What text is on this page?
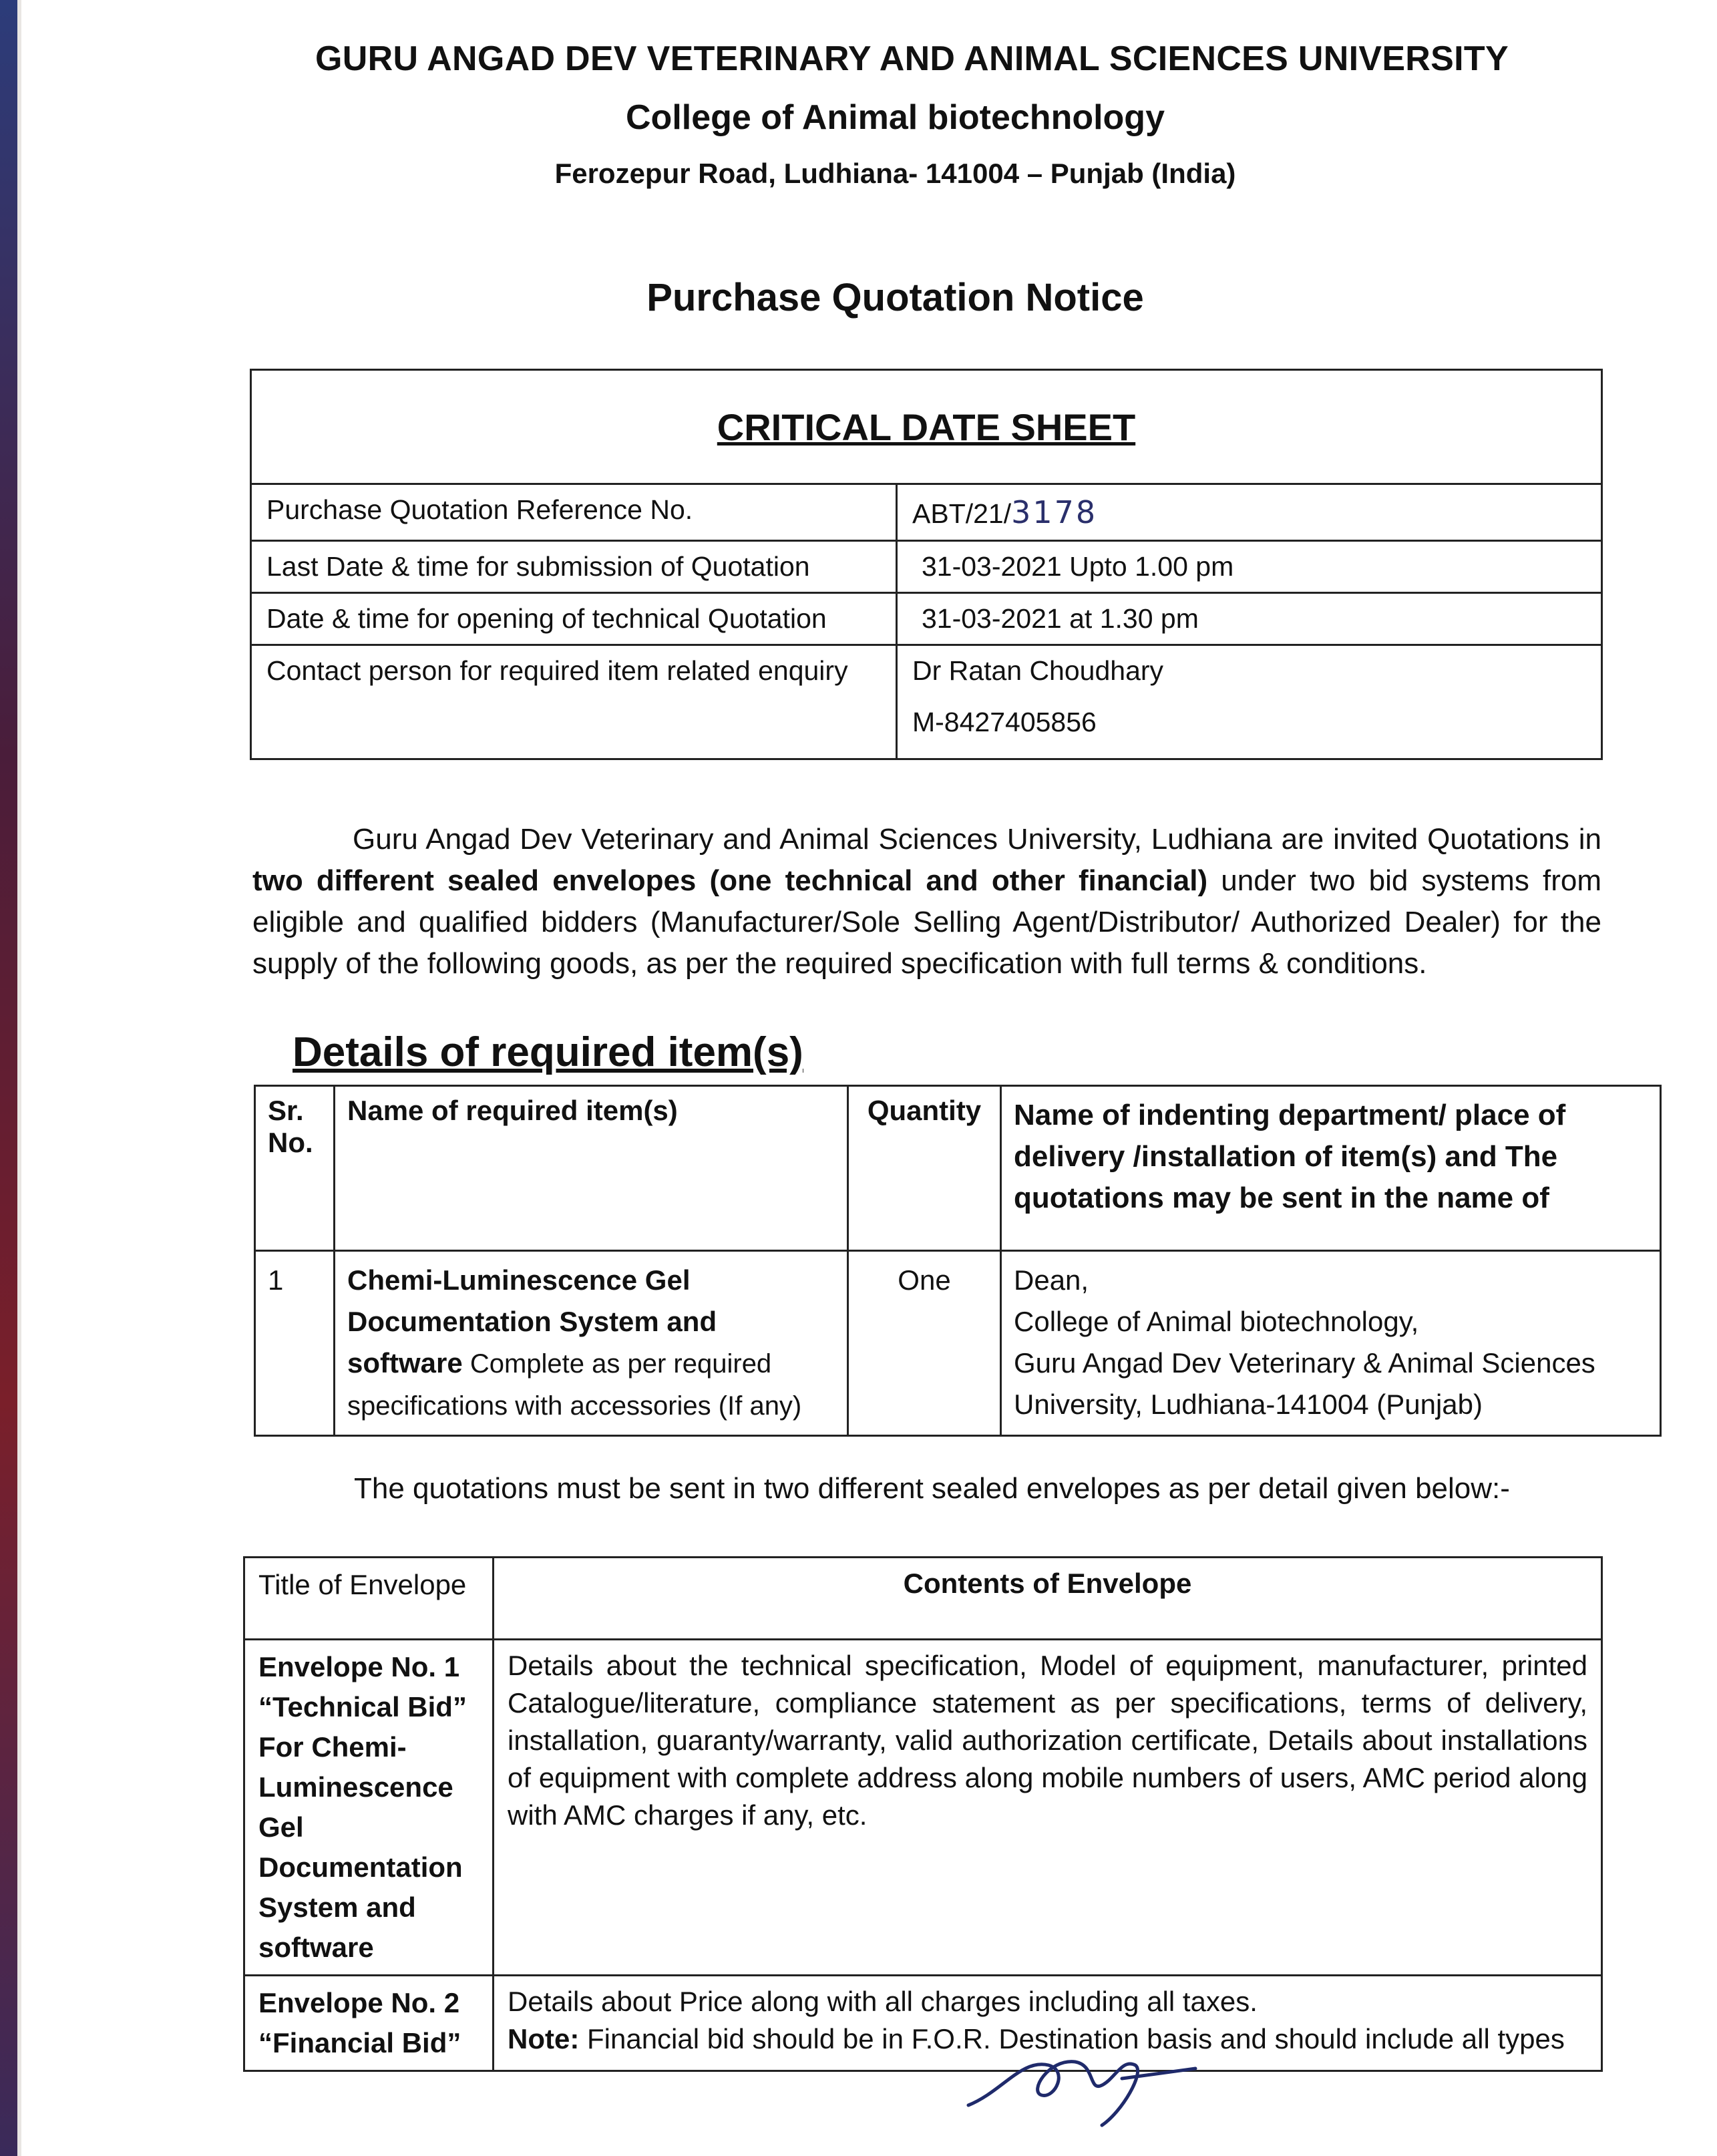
GURU ANGAD DEV VETERINARY AND ANIMAL SCIENCES UNIVERSITY
College of Animal biotechnology
Ferozepur Road, Ludhiana- 141004 – Punjab (India)
Purchase Quotation Notice
CRITICAL DATE SHEET	
Purchase Quotation Reference No.	ABT/21/3178
Last Date & time for submission of Quotation	31-03-2021 Upto 1.00 pm
Date & time for opening of technical Quotation	31-03-2021 at 1.30 pm
Contact person for required item related enquiry	Dr Ratan Choudhary
M-8427405856
Guru Angad Dev Veterinary and Animal Sciences University, Ludhiana are invited Quotations in two different sealed envelopes (one technical and other financial) under two bid systems from eligible and qualified bidders (Manufacturer/Sole Selling Agent/Distributor/ Authorized Dealer) for the supply of the following goods, as per the required specification with full terms & conditions.
Details of required item(s)
Sr. No.	Name of required item(s)	Quantity	Name of indenting department/ place of delivery /installation of item(s) and The quotations may be sent in the name of
1	Chemi-Luminescence Gel Documentation System and software Complete as per required specifications with accessories (If any)	One	Dean,
College of Animal biotechnology,
Guru Angad Dev Veterinary & Animal Sciences University, Ludhiana-141004 (Punjab)
The quotations must be sent in two different sealed envelopes as per detail given below:-
Title of Envelope	Contents of Envelope
Envelope No. 1 “Technical Bid” For Chemi-Luminescence Gel Documentation System and software	Details about the technical specification, Model of equipment, manufacturer, printed Catalogue/literature, compliance statement as per specifications, terms of delivery, installation, guaranty/warranty, valid authorization certificate, Details about installations of equipment with complete address along mobile numbers of users, AMC period along with AMC charges if any, etc.
Envelope No. 2 “Financial Bid”	Details about Price along with all charges including all taxes.
Note: Financial bid should be in F.O.R. Destination basis and should include all types
